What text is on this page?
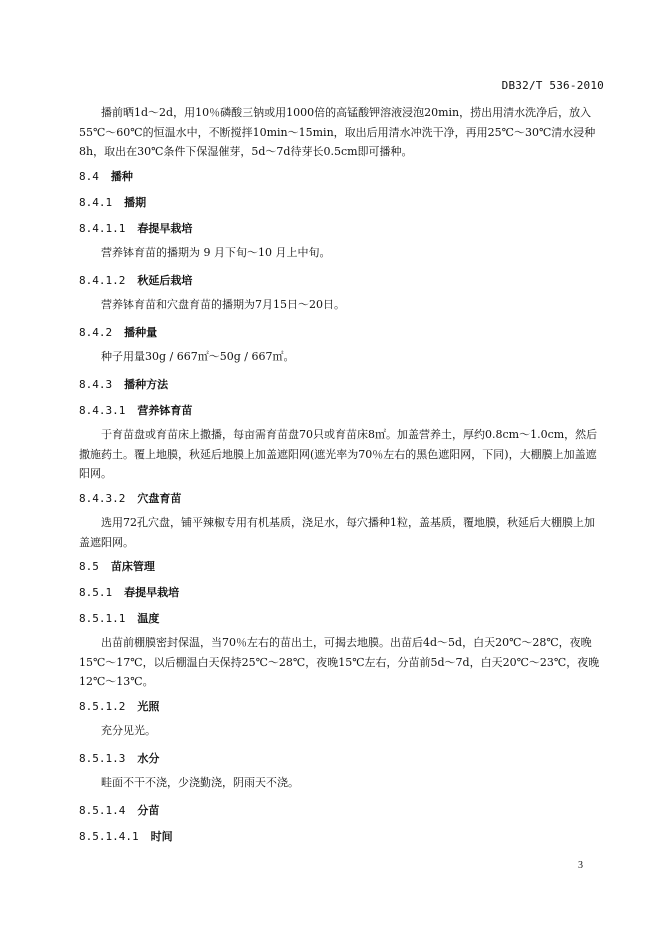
DB32/T 536-2010

播前晒1d～2d，用10％磷酸三钠或用1000倍的高锰酸钾溶液浸泡20min，捞出用清水洗净后，放入55℃～60℃的恒温水中，不断搅拌10min～15min，取出后用清水冲洗干净，再用25℃～30℃清水浸种8h，取出在30℃条件下保湿催芽，5d～7d待芽长0.5cm即可播种。

8.4 播种

8.4.1 播期

8.4.1.1 春提早栽培

营养钵育苗的播期为 9 月下旬～10 月上中旬。

8.4.1.2 秋延后栽培

营养钵育苗和穴盘育苗的播期为7月15日～20日。

8.4.2 播种量

种子用量30g / 667㎡～50g / 667㎡。

8.4.3 播种方法

8.4.3.1 营养钵育苗

于育苗盘或育苗床上撒播，每亩需育苗盘70只或育苗床8㎡。加盖营养土，厚约0.8cm～1.0cm，然后撒施药土。覆上地膜，秋延后地膜上加盖遮阳网(遮光率为70％左右的黑色遮阳网，下同)，大棚膜上加盖遮阳网。

8.4.3.2 穴盘育苗

选用72孔穴盘，铺平辣椒专用有机基质，浇足水，每穴播种1粒，盖基质，覆地膜，秋延后大棚膜上加盖遮阳网。

8.5 苗床管理

8.5.1 春提早栽培

8.5.1.1 温度

出苗前棚膜密封保温，当70％左右的苗出土，可揭去地膜。出苗后4d～5d，白天20℃～28℃，夜晚15℃～17℃，以后棚温白天保持25℃～28℃，夜晚15℃左右，分苗前5d～7d，白天20℃～23℃，夜晚12℃～13℃。

8.5.1.2 光照

充分见光。

8.5.1.3 水分

畦面不干不浇，少浇勤浇，阴雨天不浇。

8.5.1.4 分苗

8.5.1.4.1 时间

3
